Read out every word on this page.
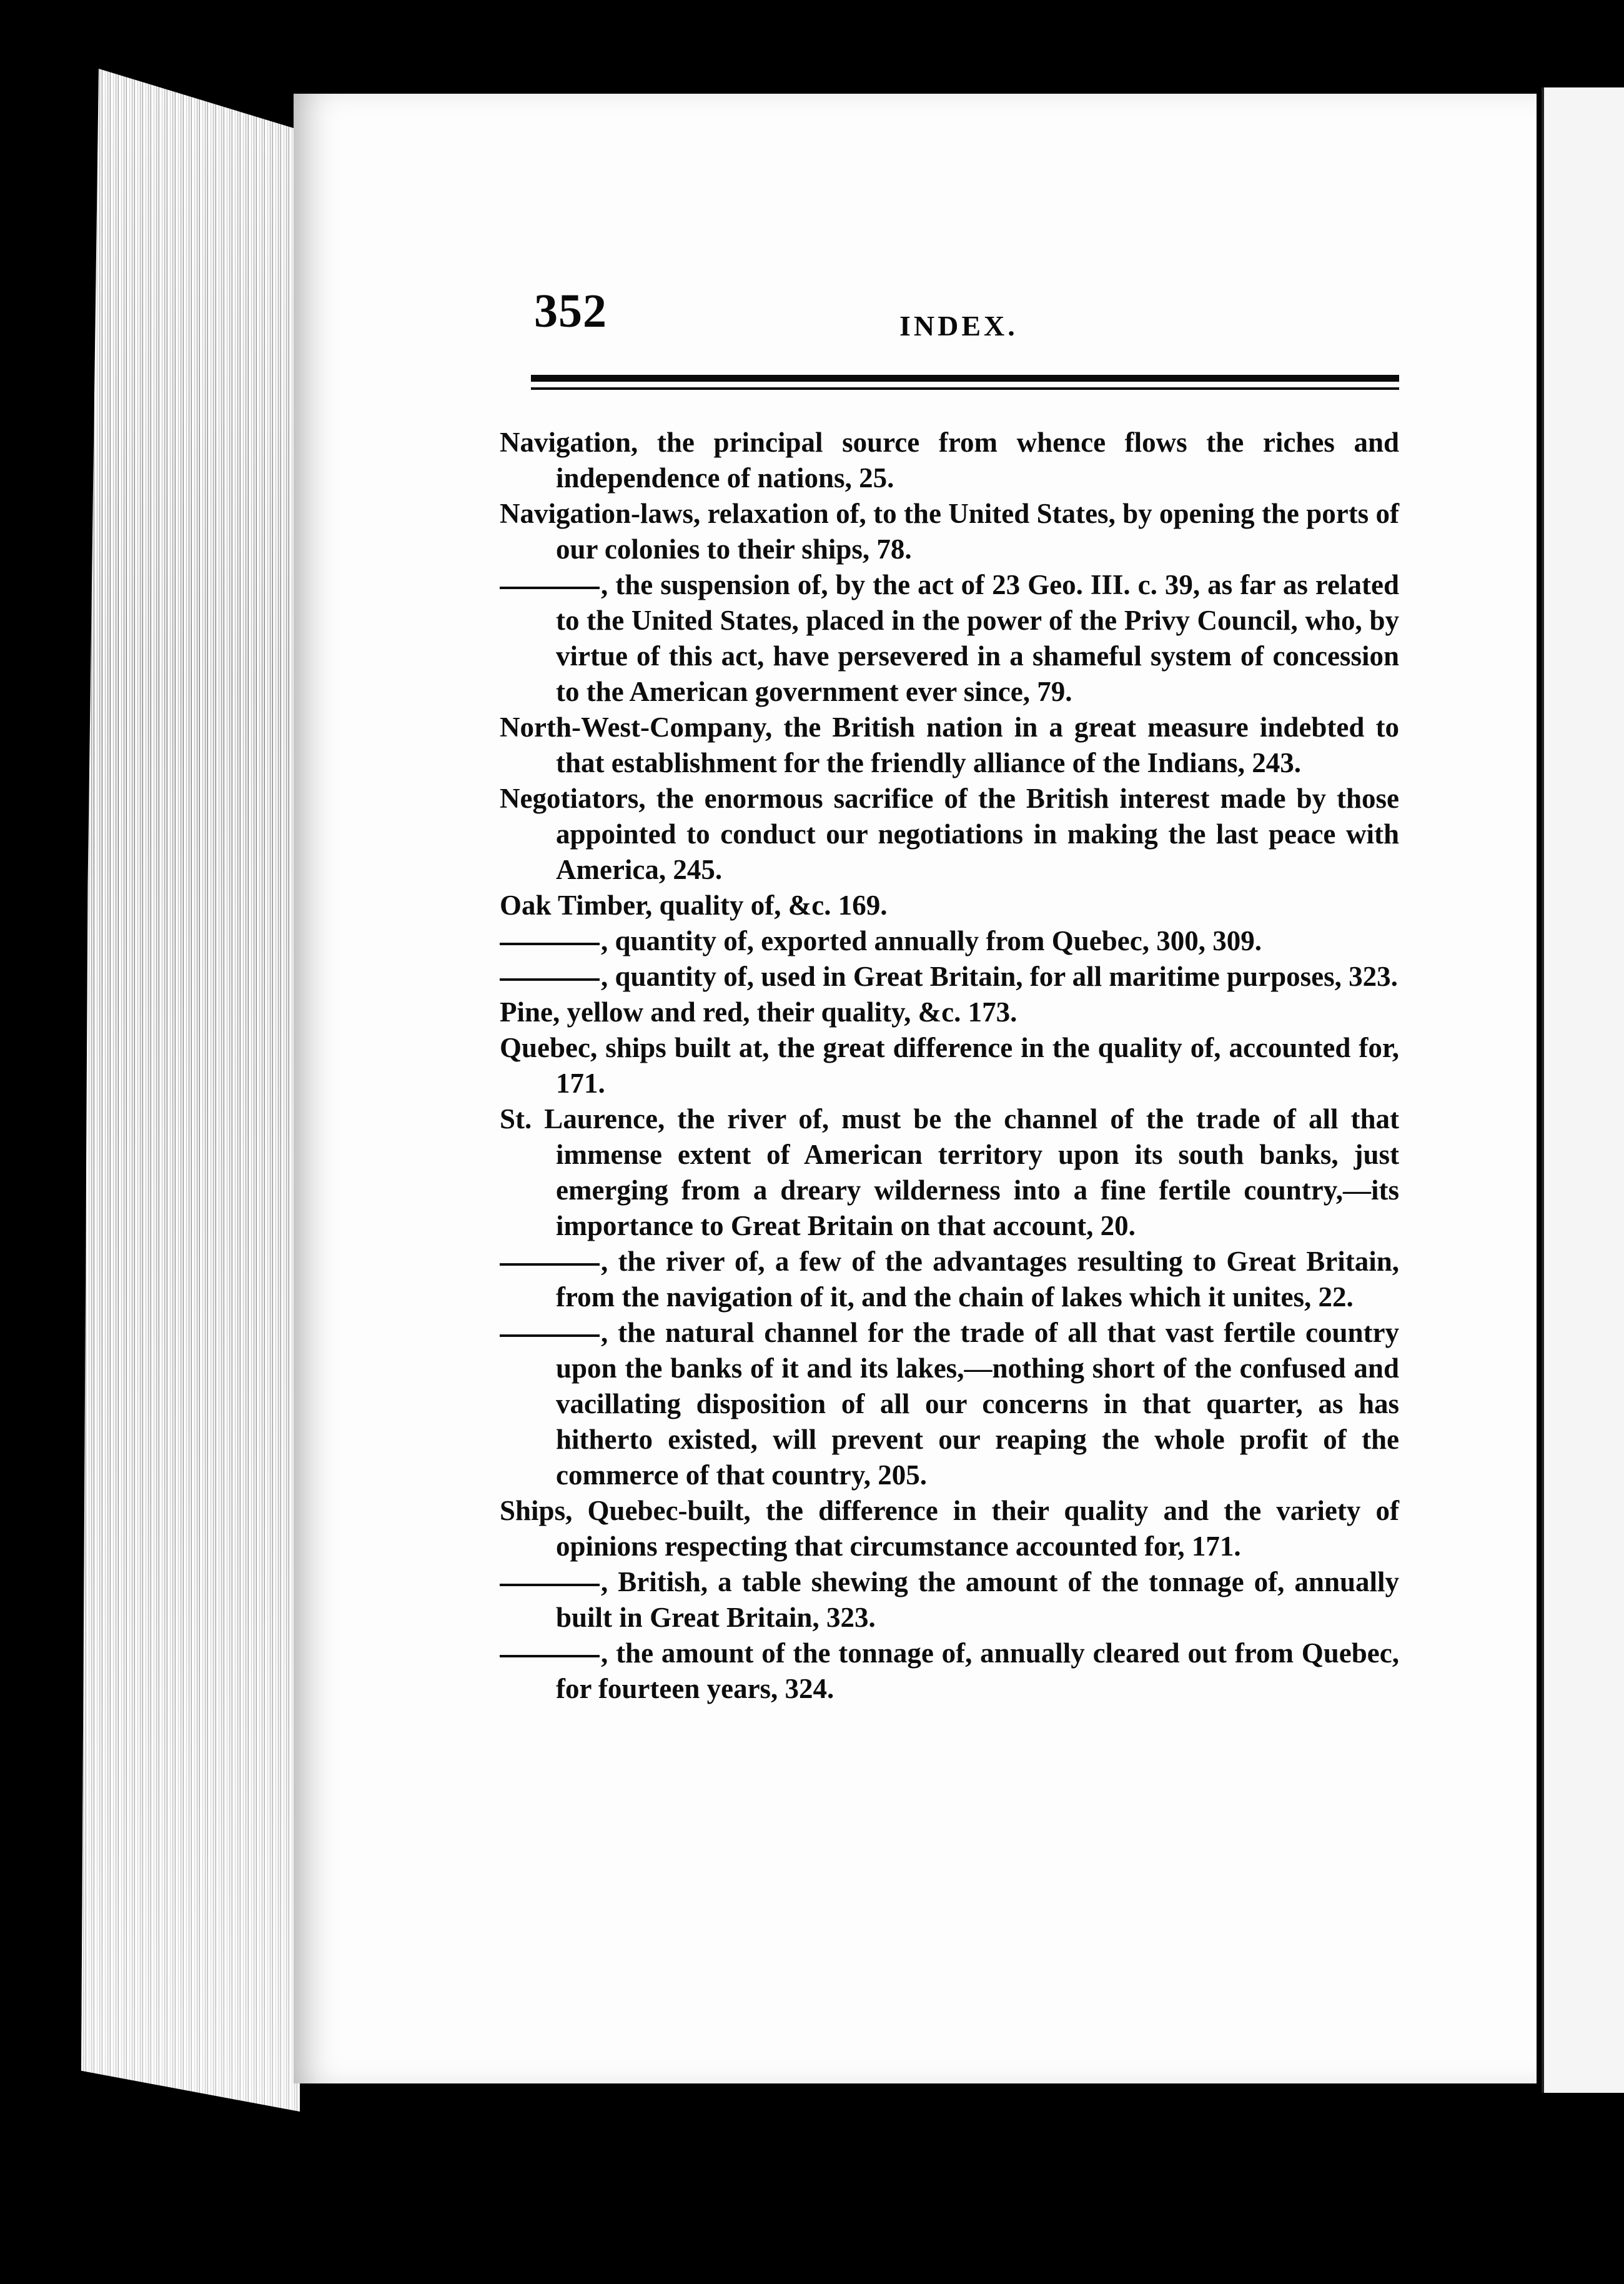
352	INDEX.

Navigation, the principal source from whence flows the riches and independence of nations, 25.

Navigation-laws, relaxation of, to the United States, by opening the ports of our colonies to their ships, 78.

, the suspension of, by the act of 23 Geo. III. c. 39, as far as related to the United States, placed in the power of the Privy Council, who, by virtue of this act, have persevered in a shameful system of concession to the American government ever since, 79.

North-West-Company, the British nation in a great measure indebted to that establishment for the friendly alliance of the Indians, 243.

Negotiators, the enormous sacrifice of the British interest made by those appointed to conduct our negotiations in making the last peace with America, 245.

Oak Timber, quality of, &c. 169.

, quantity of, exported annually from Quebec, 300, 309.

, quantity of, used in Great Britain, for all maritime purposes, 323.

Pine, yellow and red, their quality, &c. 173.

Quebec, ships built at, the great difference in the quality of, accounted for, 171.

St. Laurence, the river of, must be the channel of the trade of all that immense extent of American territory upon its south banks, just emerging from a dreary wilderness into a fine fertile country,—its importance to Great Britain on that account, 20.

, the river of, a few of the advantages resulting to Great Britain, from the navigation of it, and the chain of lakes which it unites, 22.

, the natural channel for the trade of all that vast fertile country upon the banks of it and its lakes,—nothing short of the confused and vacillating disposition of all our concerns in that quarter, as has hitherto existed, will prevent our reaping the whole profit of the commerce of that country, 205.

Ships, Quebec-built, the difference in their quality and the variety of opinions respecting that circumstance accounted for, 171.

, British, a table shewing the amount of the tonnage of, annually built in Great Britain, 323.

, the amount of the tonnage of, annually cleared out from Quebec, for fourteen years, 324.
